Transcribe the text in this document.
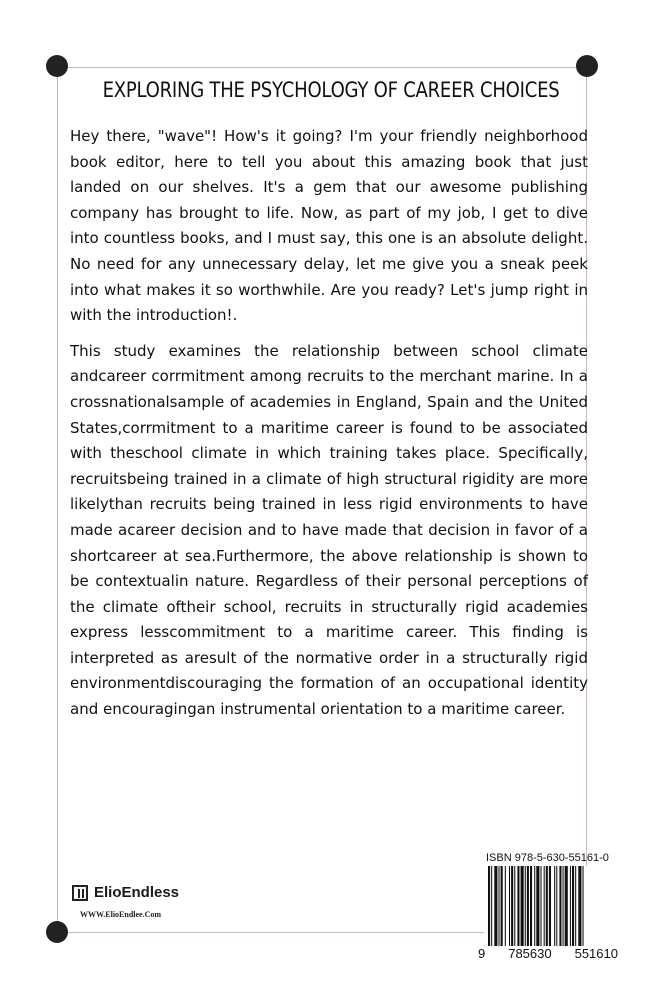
EXPLORING THE PSYCHOLOGY OF CAREER CHOICES

Hey there, "wave"! How's it going? I'm your friendly neighborhood book editor, here to tell you about this amazing book that just landed on our shelves. It's a gem that our awesome publishing company has brought to life. Now, as part of my job, I get to dive into countless books, and I must say, this one is an absolute delight. No need for any unnecessary delay, let me give you a sneak peek into what makes it so worthwhile. Are you ready? Let's jump right in with the introduction!.

This study examines the relationship between school climate andcareer corrmitment among recruits to the merchant marine. In a crossnationalsample of academies in England, Spain and the United States,corrmitment to a maritime career is found to be associated with theschool climate in which training takes place. Specifically, recruitsbeing trained in a climate of high structural rigidity are more likelythan recruits being trained in less rigid environments to have made acareer decision and to have made that decision in favor of a shortcareer at sea.Furthermore, the above relationship is shown to be contextualin nature. Regardless of their personal perceptions of the climate oftheir school, recruits in structurally rigid academies express lesscommitment to a maritime career. This finding is interpreted as aresult of the normative order in a structurally rigid environmentdiscouraging the formation of an occupational identity and encouragingan instrumental orientation to a maritime career.

ElioEndless
WWW.ElioEndlee.Com
ISBN 978-5-630-55161-0
9 785630 551610
